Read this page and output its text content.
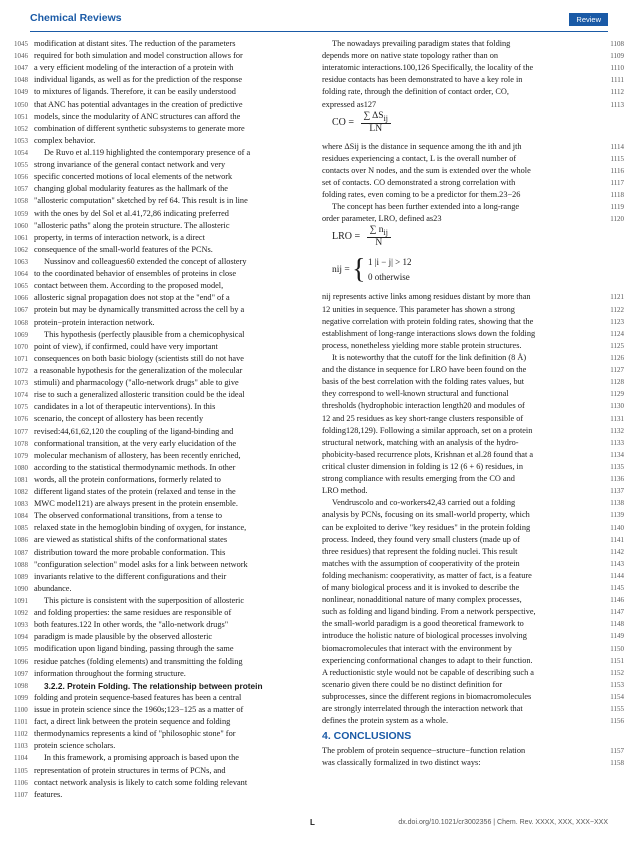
Chemical Reviews	Review
1045 modification at distant sites. The reduction of the parameters
1046 required for both simulation and model construction allows for
1047 a very efficient modeling of the interaction of a protein with
1048 individual ligands, as well as for the prediction of the response
1049 to mixtures of ligands. Therefore, it can be easily understood
1050 that ANC has potential advantages in the creation of predictive
1051 models, since the modularity of ANC structures can afford the
1052 combination of different synthetic subsystems to generate more
1053 complex behavior.
1054	De Ruvo et al.119 highlighted the contemporary presence of a
1055 strong invariance of the general contact network and very
1056 specific concerted motions of local elements of the network
1057 changing global modularity features as the hallmark of the
1058 "allosteric computation" sketched by ref 64. This result is in line
1059 with the ones by del Sol et al.41,72,86 indicating preferred
1060 "allosteric paths" along the protein structure. The allosteric
1061 property, in terms of interaction network, is a direct
1062 consequence of the small-world features of the PCNs.
1063	Nussinov and colleagues60 extended the concept of allostery
1064 to the coordinated behavior of ensembles of proteins in close
1065 contact between them. According to the proposed model,
1066 allosteric signal propagation does not stop at the "end" of a
1067 protein but may be dynamically transmitted across the cell by a
1068 protein−protein interaction network.
1069	This hypothesis (perfectly plausible from a chemicophysical
1070 point of view), if confirmed, could have very important
1071 consequences on both basic biology (scientists still do not have
1072 a reasonable hypothesis for the generalization of the molecular
1073 stimuli) and pharmacology ("allo-network drugs" able to give
1074 rise to such a generalized allosteric transition could be the ideal
1075 candidates in a lot of therapeutic interventions). In this
1076 scenario, the concept of allostery has been recently
1077 revised:44,61,62,120 the coupling of the ligand-binding and
1078 conformational transition, at the very early elucidation of the
1079 molecular mechanism of allostery, has been recently enriched,
1080 according to the statistical thermodynamic methods. In other
1081 words, all the protein conformations, formerly related to
1082 different ligand states of the protein (relaxed and tense in the
1083 MWC model121) are always present in the protein ensemble.
1084 The observed conformational transitions, from a tense to
1085 relaxed state in the hemoglobin binding of oxygen, for instance,
1086 are viewed as statistical shifts of the conformational states
1087 distribution toward the more probable conformation. This
1088 "configuration selection" model asks for a link between network
1089 invariants relative to the different configurations and their
1090 abundance.
1091	This picture is consistent with the superposition of allosteric
1092 and folding properties: the same residues are responsible of
1093 both features.122 In other words, the "allo-network drugs"
1094 paradigm is made plausible by the observed allosteric
1095 modification upon ligand binding, passing through the same
1096 residue patches (folding elements) and transmitting the folding
1097 information throughout the forming structure.
1098	3.2.2. Protein Folding. The relationship between protein
1099 folding and protein sequence-based features has been a central
1100 issue in protein science since the 1960s;123−125 as a matter of
1101 fact, a direct link between the protein sequence and folding
1102 thermodynamics represents a kind of "philosophic stone" for
1103 protein science scholars.
1104	In this framework, a promising approach is based upon the
1105 representation of protein structures in terms of PCNs, and
1106 contact network analysis is likely to catch some folding relevant
1107 features.
1108
The nowadays prevailing paradigm states that folding
1109
depends more on native state topology rather than on
1110
interatomic interactions.100,126 Specifically, the locality of the
1111
residue contacts has been demonstrated to have a key role in
1112
folding rate, through the definition of contact order, CO,
1113
expressed as127
CO = $\frac{\sum \Delta S_{ij}}{LN}$
1114
where ΔSij is the distance in sequence among the ith and jth
1115
residues experiencing a contact, L is the overall number of
1116
contacts over N nodes, and the sum is extended over the whole
1117
set of contacts. CO demonstrated a strong correlation with
1118
folding rates, even coming to be a predictor for them.23−26
1119
The concept has been further extended into a long-range
1120
order parameter, LRO, defined as23
LRO = $\frac{\sum n_{ij}}{N}$
nij = { 1 |i − j| > 12
0 otherwise
1121
nij represents active links among residues distant by more than
1122
12 unities in sequence. This parameter has shown a strong
1123
negative correlation with protein folding rates, showing that the
1124
establishment of long-range interactions slows down the folding
1125
process, nonetheless yielding more stable protein structures.
1126
It is noteworthy that the cutoff for the link definition (8 Å)
1127
and the distance in sequence for LRO have been found on the
1128
basis of the best correlation with the folding rates values, but
1129
they correspond to well-known structural and functional
1130
thresholds (hydrophobic interaction length20 and modules of
1131
12 and 25 residues as key short-range clusters responsible of
1132
folding128,129). Following a similar approach, set on a protein
1133
structural network, matching with an analysis of the hydro-
1134
phobicity-based recurrence plots, Krishnan et al.28 found that a
1135
critical cluster dimension in folding is 12 (6 + 6) residues, in
1136
strong compliance with results emerging from the CO and
1137
LRO method.
1138
Vendruscolo and co-workers42,43 carried out a folding
1139
analysis by PCNs, focusing on its small-world property, which
1140
can be exploited to derive "key residues" in the protein folding
1141
process. Indeed, they found very small clusters (made up of
1142
three residues) that represent the folding nuclei. This result
1143
matches with the assumption of cooperativity of the protein
1144
folding mechanism: cooperativity, as matter of fact, is a feature
1145
of many biological process and it is invoked to describe the
1146
nonlinear, nonadditional nature of many complex processes,
1147
such as folding and ligand binding. From a network perspective,
1148
the small-world paradigm is a good theoretical framework to
1149
introduce the holistic nature of biological processes involving
1150
biomacromolecules that interact with the environment by
1151
experiencing conformational changes to adapt to their function.
1152
A reductionistic style would not be capable of describing such a
1153
scenario given there could be no distinct definition for
1154
subprocesses, since the different regions in biomacromolecules
1155
are strongly interrelated through the interaction network that
1156
defines the protein system as a whole.
4. CONCLUSIONS
1157
The problem of protein sequence−structure−function relation
1158
was classically formalized in two distinct ways:
L	dx.doi.org/10.1021/cr3002356 | Chem. Rev. XXXX, XXX, XXX−XXX
